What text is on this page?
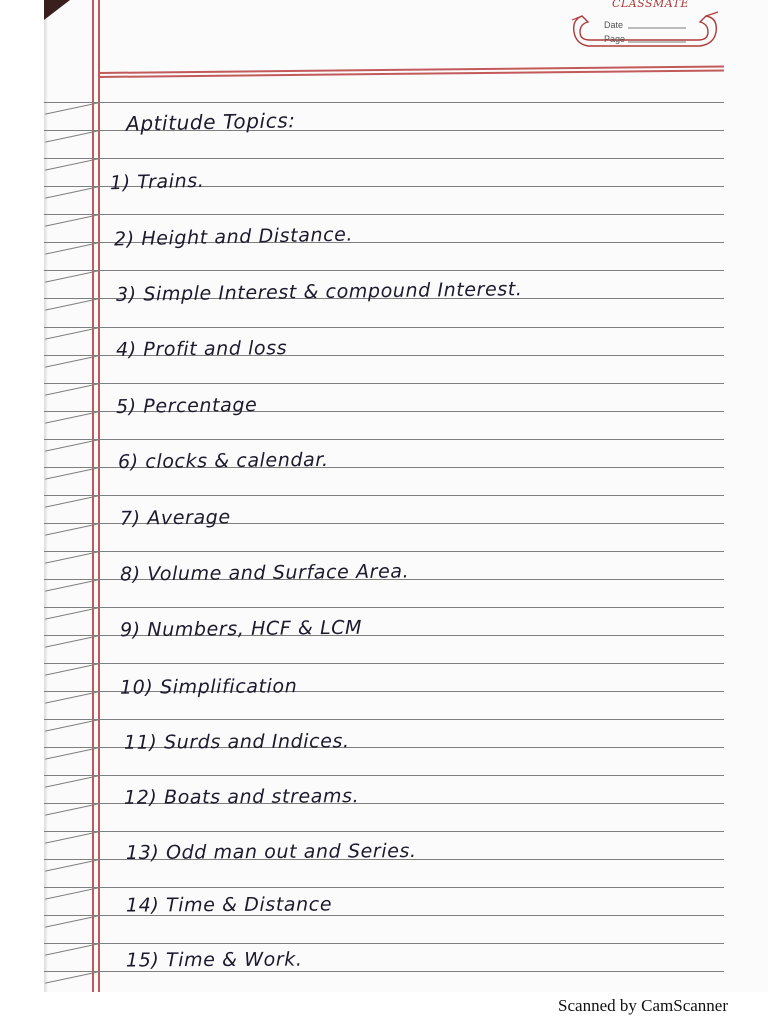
CLASSMATE
Date
Page
Aptitude Topics:
1) Trains.
2) Height and Distance.
3) Simple Interest & compound Interest.
4) Profit and loss
5) Percentage
6) clocks & calendar.
7) Average
8) Volume and Surface Area.
9) Numbers, HCF & LCM
10) Simplification
11) Surds and Indices.
12) Boats and streams.
13) Odd man out and Series.
14) Time & Distance
15) Time & Work.
Scanned by CamScanner
